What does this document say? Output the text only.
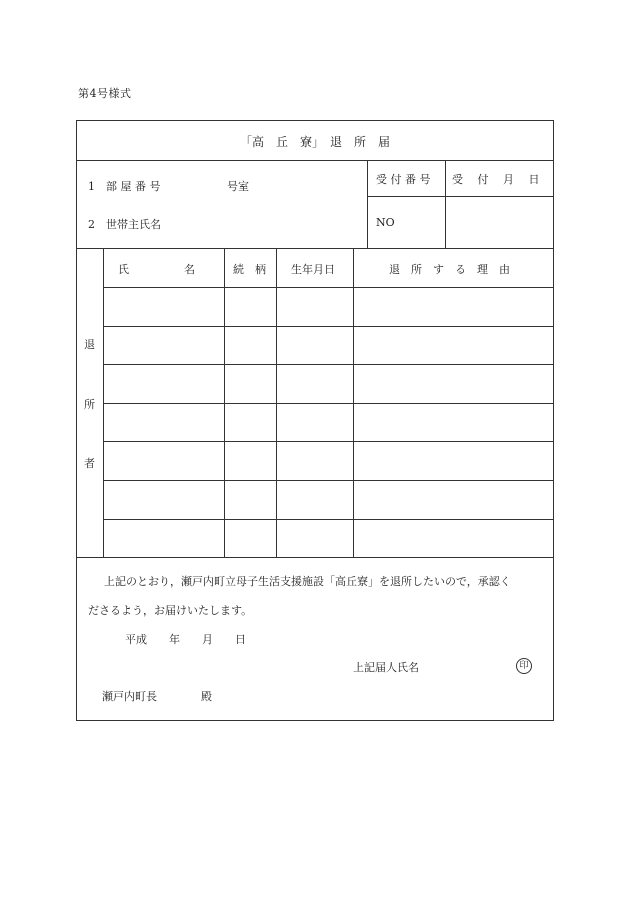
第4号様式
「高　丘　寮」　退　所　届
1　部 屋 番 号	号室
2　世帯主氏名
受 付 番 号 受　 付　 月　 日
NO
退
所
者
氏　　　　　名	続　柄 生年月日	退　所　す　る　理　由
上記のとおり，瀬戸内町立母子生活支援施設「高丘寮」を退所したいので，承認く
ださるよう，お届けいたします。
平成　　年　　月　　日
上記届人氏名	印
瀬戸内町長　　　　殿
